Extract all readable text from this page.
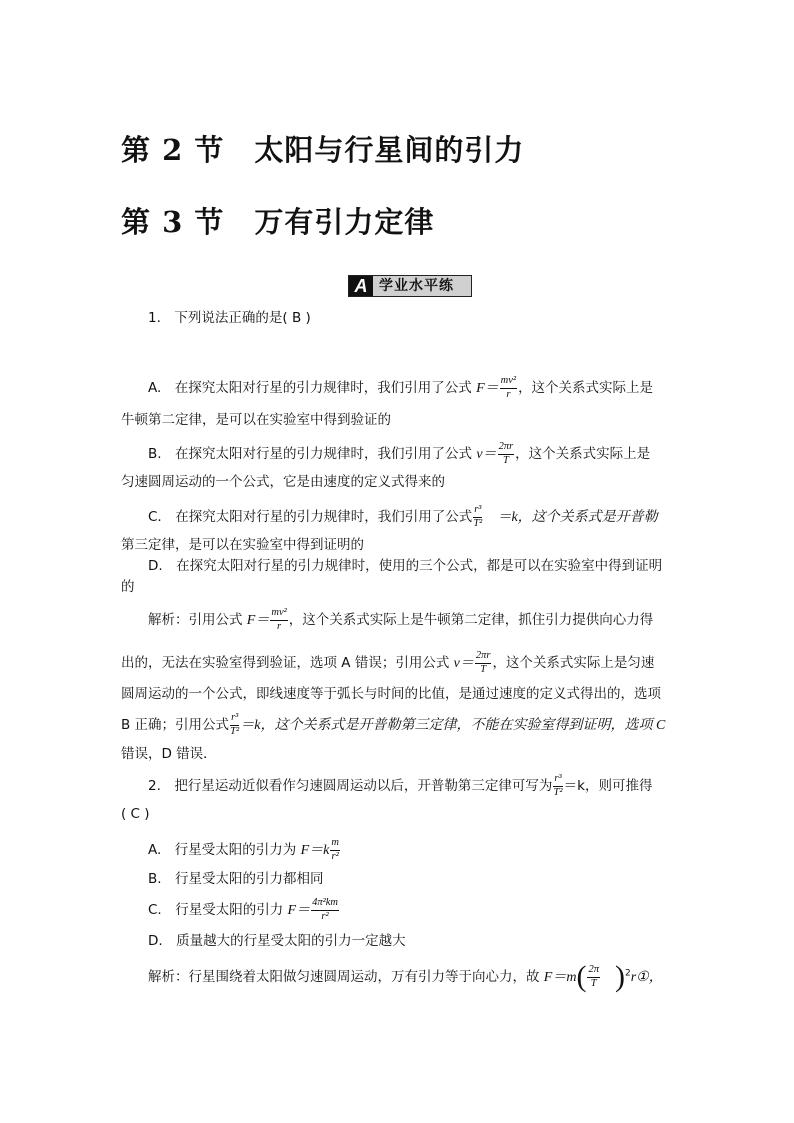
第 2 节 太阳与行星间的引力
第 3 节 万有引力定律
A 学业水平练
1.　下列说法正确的是( B )
A.　在探究太阳对行星的引力规律时，我们引用了公式 $F= \frac{\text{mv²}}{r}$ ，这个关系式实际上是
牛顿第二定律，是可以在实验室中得到验证的
B.　在探究太阳对行星的引力规律时，我们引用了公式 $v= \frac{2\pi r}{T}$ ，这个关系式实际上是
匀速圆周运动的一个公式，它是由速度的定义式得来的
C.　在探究太阳对行星的引力规律时，我们引用了公式 $\frac{\text{r³}}{\text{T²}} =k$，这个关系式是开普勒
第三定律，是可以在实验室中得到证明的
D.　在探究太阳对行星的引力规律时，使用的三个公式，都是可以在实验室中得到证明
的
解析：引用公式 $F= \frac{\text{mv²}}{r}$ ，这个关系式实际上是牛顿第二定律，抓住引力提供向心力得
出的，无法在实验室得到验证，选项 A 错误；引用公式 $v= \frac{2\pi r}{T}$ ，这个关系式实际上是匀速
圆周运动的一个公式，即线速度等于弧长与时间的比值，是通过速度的定义式得出的，选项
B 正确；引用公式 $\frac{\text{r³}}{\text{T²}} =k$，这个关系式是开普勒第三定律，不能在实验室得到证明，选项 C
错误，D 错误．
2.　把行星运动近似看作匀速圆周运动以后，开普勒第三定律可写为 $\frac{\text{r³}}{\text{T²}} =k$，则可推得
( C )
A.　行星受太阳的引力为 $F=k \frac{m}{\text{r²}}$
B.　行星受太阳的引力都相同
C.　行星受太阳的引力 $F= \frac{\text{4π²km}}{\text{r²}}$
D.　质量越大的行星受太阳的引力一定越大
解析：行星围绕着太阳做匀速圆周运动，万有引力等于向心力，故 $F=m( \frac{2\pi}{T}$ )$^2r①$，
